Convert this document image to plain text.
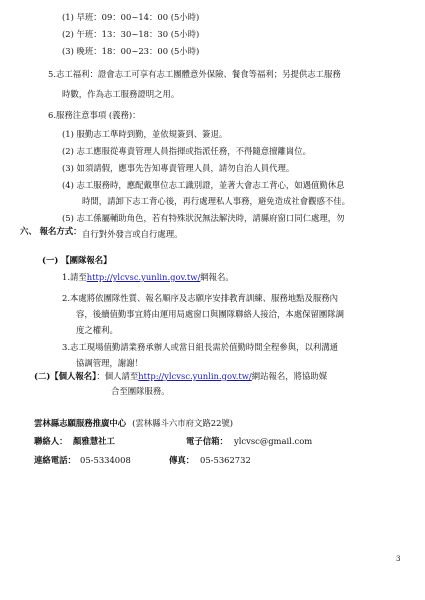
(1) 早班：09：00~14：00 (5小時)
(2) 午班：13：30~18：30 (5小時)
(3) 晚班：18：00~23：00 (5小時)
5.志工福利：證會志工可享有志工團體意外保險、餐食等福利；另提供志工服務
時數，作為志工服務證明之用。
6.服務注意事項 (義務)：
(1) 服勤志工準時到勤，並依規簽到、簽退。
(2) 志工應服從專責管理人員指揮或指派任務，不得隨意擅離崗位。
(3) 如須請假，應事先告知專責管理人員，請勿自治人員代理。
(4) 志工服務時，應配戴單位志工識別證，並著大會志工背心，如遇值勤休息
時間，請卸下志工背心後，再行處理私人事務，避免造成社會觀感不佳。
(5) 志工係屬輔助角色，若有特殊狀況無法解決時，請縣府窗口同仁處理，勿
自行對外發言或自行處理。
六、 報名方式：
(一) 【團隊報名】
1.請至http://ylcvsc.yunlin.gov.tw/網報名。
2.本處將依團隊性質、報名順序及志願序安排教育訓練、服務地點及服務內
容，後續值勤事宜將由運用局處窗口與團隊聯絡人接洽，本處保留團隊調
度之權利。
3.志工現場值勤請業務承辦人或當日組長需於值勤時間全程參與，以利溝通
協調管理，謝謝！
(二)【個人報名】：個人請至http://ylcvsc.yunlin.gov.tw/網站報名，將協助媒
合至團隊服務。
雲林縣志願服務推廣中心 (雲林縣斗六市府文路22號)
聯絡人： 顏雅慧社工	電子信箱： ylcvsc@gmail.com
連絡電話： 05-5334008	傳真： 05-5362732
3
